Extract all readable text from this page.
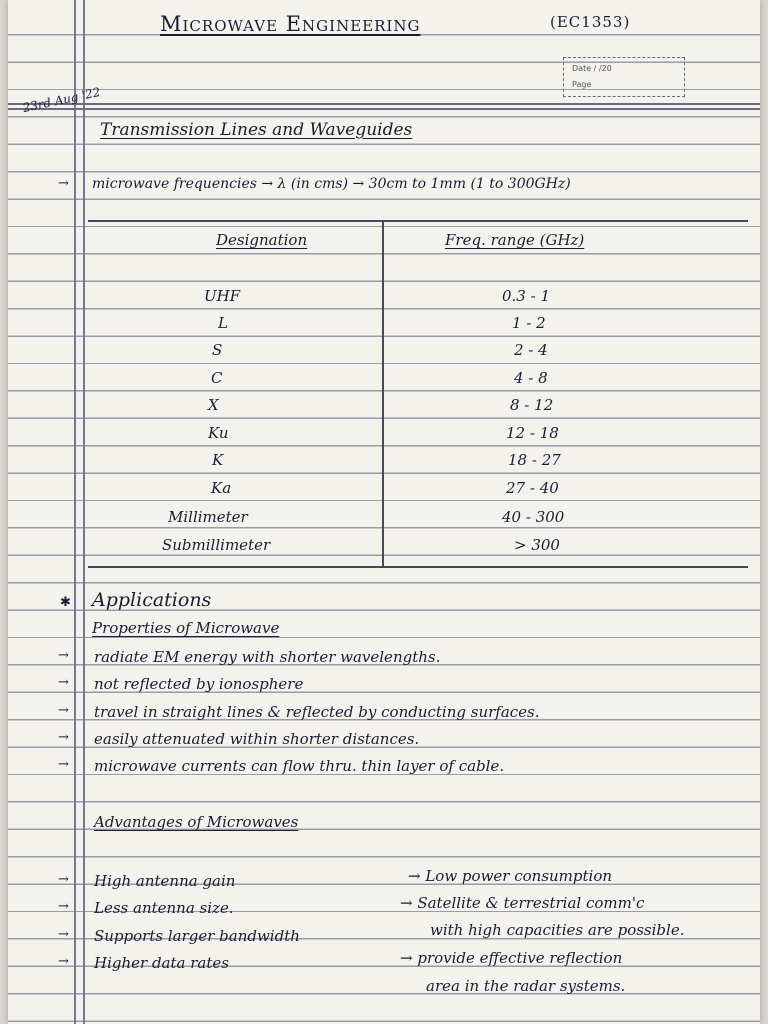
Microwave Engineering	(EC1353)
Date / /20
Page
23rd Aug '22
Transmission Lines and Waveguides
→ microwave frequencies → λ (in cms) → 30cm to 1mm (1 to 300GHz)
Designation	Freq. range (GHz)
UHF	0.3 - 1
L	1 - 2
S	2 - 4
C	4 - 8
X	8 - 12
Ku	12 - 18
K	18 - 27
Ka	27 - 40
Millimeter	40 - 300
Submillimeter	> 300
✱ Applications
Properties of Microwave
→ radiate EM energy with shorter wavelengths.
→ not reflected by ionosphere
→ travel in straight lines & reflected by conducting surfaces.
→ easily attenuated within shorter distances.
→ microwave currents can flow thru. thin layer of cable.
Advantages of Microwaves
→ High antenna gain
→ Less antenna size.
→ Supports larger bandwidth
→ Higher data rates
→ Low power consumption
→ Satellite & terrestrial comm'c
with high capacities are possible.
→ provide effective reflection
area in the radar systems.
